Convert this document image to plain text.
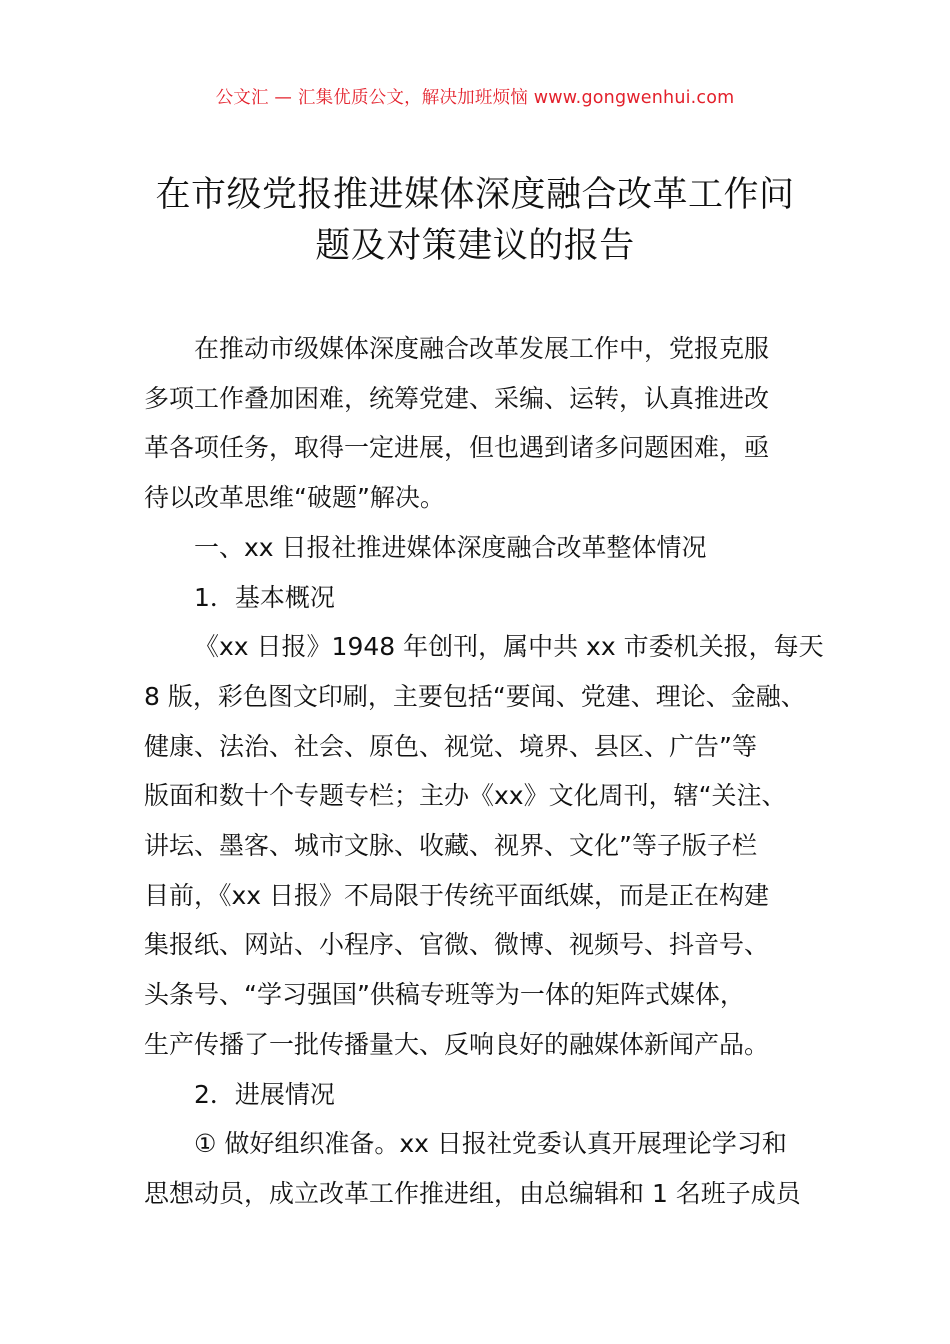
公文汇 — 汇集优质公文，解决加班烦恼 www.gongwenhui.com
在市级党报推进媒体深度融合改革工作问
题及对策建议的报告
在推动市级媒体深度融合改革发展工作中，党报克服
多项工作叠加困难，统筹党建、采编、运转，认真推进改
革各项任务，取得一定进展，但也遇到诸多问题困难，亟
待以改革思维“破题”解决。
一、xx 日报社推进媒体深度融合改革整体情况
1．基本概况
《xx 日报》1948 年创刊，属中共 xx 市委机关报，每天
8 版，彩色图文印刷，主要包括“要闻、党建、理论、金融、
健康、法治、社会、原色、视觉、境界、县区、广告”等
版面和数十个专题专栏；主办《xx》文化周刊，辖“关注、
讲坛、墨客、城市文脉、收藏、视界、文化”等子版子栏
目前，《xx 日报》不局限于传统平面纸媒，而是正在构建
集报纸、网站、小程序、官微、微博、视频号、抖音号、
头条号、“学习强国”供稿专班等为一体的矩阵式媒体，
生产传播了一批传播量大、反响良好的融媒体新闻产品。
2．进展情况
① 做好组织准备。xx 日报社党委认真开展理论学习和
思想动员，成立改革工作推进组，由总编辑和 1 名班子成员
